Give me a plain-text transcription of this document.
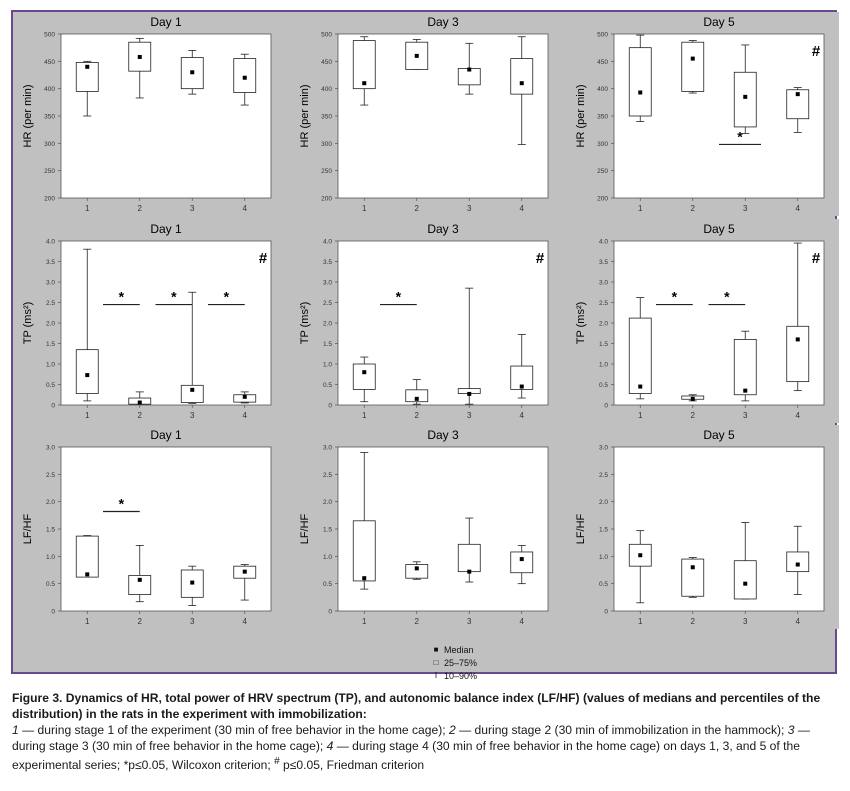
Day 1
200
250
300
350
400
450
500
HR (per min)
1	2	3	4
Day 3
200
250
300
350
400
450
500
HR (per min)
1	2	3	4
Day 5
200
250
300
350
400
450
500
HR (per min)
1	2	3	4
*
#
Day 1
0
0.5
1.0
1.5
2.0
2.5
3.0
3.5
4.0
TP (ms²)
1	2	3	4
*	*	*
#
Day 3
0
0.5
1.0
1.5
2.0
2.5
3.0
3.5
4.0
TP (ms²)
1	2	3	4
*
#
Day 5
0
0.5
1.0
1.5
2.0
2.5
3.0
3.5
4.0
TP (ms²)
1	2	3	4
*	*
#
Day 1
0
0.5
1.0
1.5
2.0
2.5
3.0
LF/HF
1	2	3	4
*
Day 3
0
0.5
1.0
1.5
2.0
2.5
3.0
LF/HF
1	2	3	4
Day 5
0
0.5
1.0
1.5
2.0
2.5
3.0
LF/HF
1	2	3	4
■ Median
□ 25–75%
I 10–90%
Figure 3. Dynamics of HR, total power of HRV spectrum (TP), and autonomic balance index (LF/HF) (values of medians and percentiles of the distribution) in the rats in the experiment with immobilization:
1 — during stage 1 of the experiment (30 min of free behavior in the home cage); 2 — during stage 2 (30 min of immobilization in the hammock); 3 — during stage 3 (30 min of free behavior in the home cage); 4 — during stage 4 (30 min of free behavior in the home cage) on days 1, 3, and 5 of the experimental series; *p≤0.05, Wilcoxon criterion; # p≤0.05, Friedman criterion
